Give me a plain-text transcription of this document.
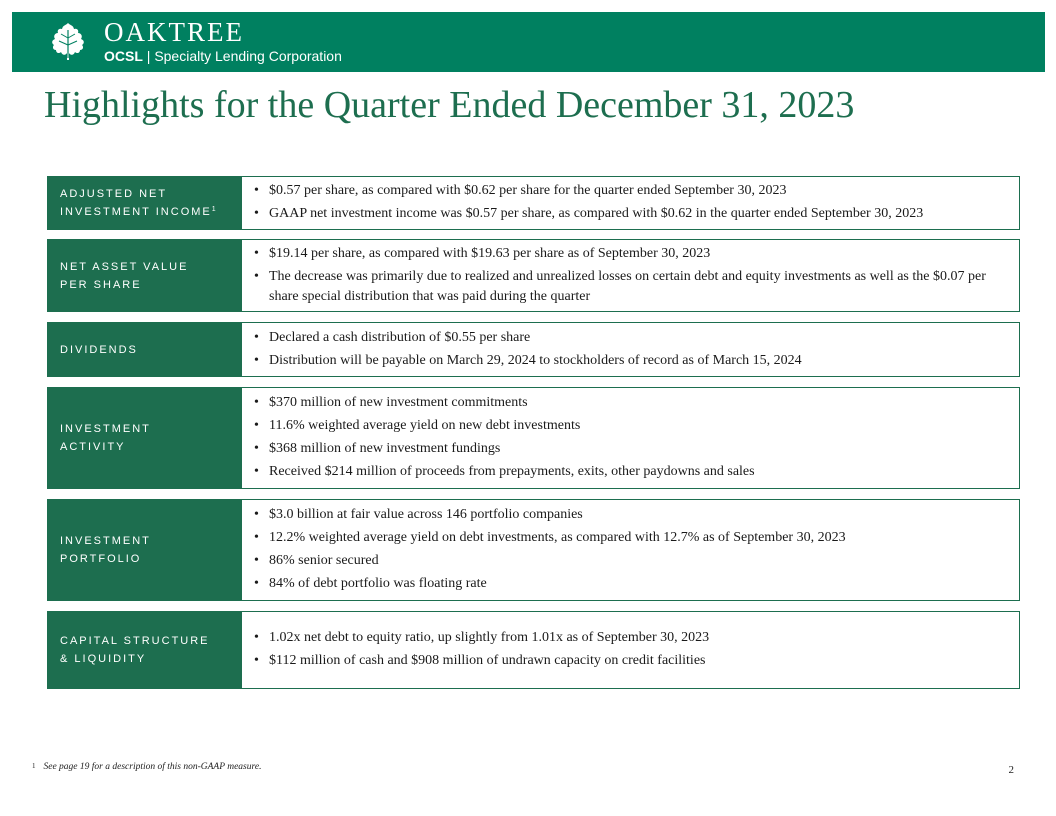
OAKTREE
OCSL | Specialty Lending Corporation
Highlights for the Quarter Ended December 31, 2023
ADJUSTED NET
INVESTMENT INCOME$^1$
• $0.57 per share, as compared with $0.62 per share for the quarter ended September 30, 2023
• GAAP net investment income was $0.57 per share, as compared with $0.62 in the quarter ended September 30, 2023
NET ASSET VALUE
PER SHARE
• $19.14 per share, as compared with $19.63 per share as of September 30, 2023
• The decrease was primarily due to realized and unrealized losses on certain debt and equity investments as well as the $0.07 per share special distribution that was paid during the quarter
DIVIDENDS
• Declared a cash distribution of $0.55 per share
• Distribution will be payable on March 29, 2024 to stockholders of record as of March 15, 2024
INVESTMENT
ACTIVITY
• $370 million of new investment commitments
• 11.6% weighted average yield on new debt investments
• $368 million of new investment fundings
• Received $214 million of proceeds from prepayments, exits, other paydowns and sales
INVESTMENT
PORTFOLIO
• $3.0 billion at fair value across 146 portfolio companies
• 12.2% weighted average yield on debt investments, as compared with 12.7% as of September 30, 2023
• 86% senior secured
• 84% of debt portfolio was floating rate
CAPITAL STRUCTURE
& LIQUIDITY
• 1.02x net debt to equity ratio, up slightly from 1.01x as of September 30, 2023
• $112 million of cash and $908 million of undrawn capacity on credit facilities
$^1$ See page 19 for a description of this non-GAAP measure.	2
